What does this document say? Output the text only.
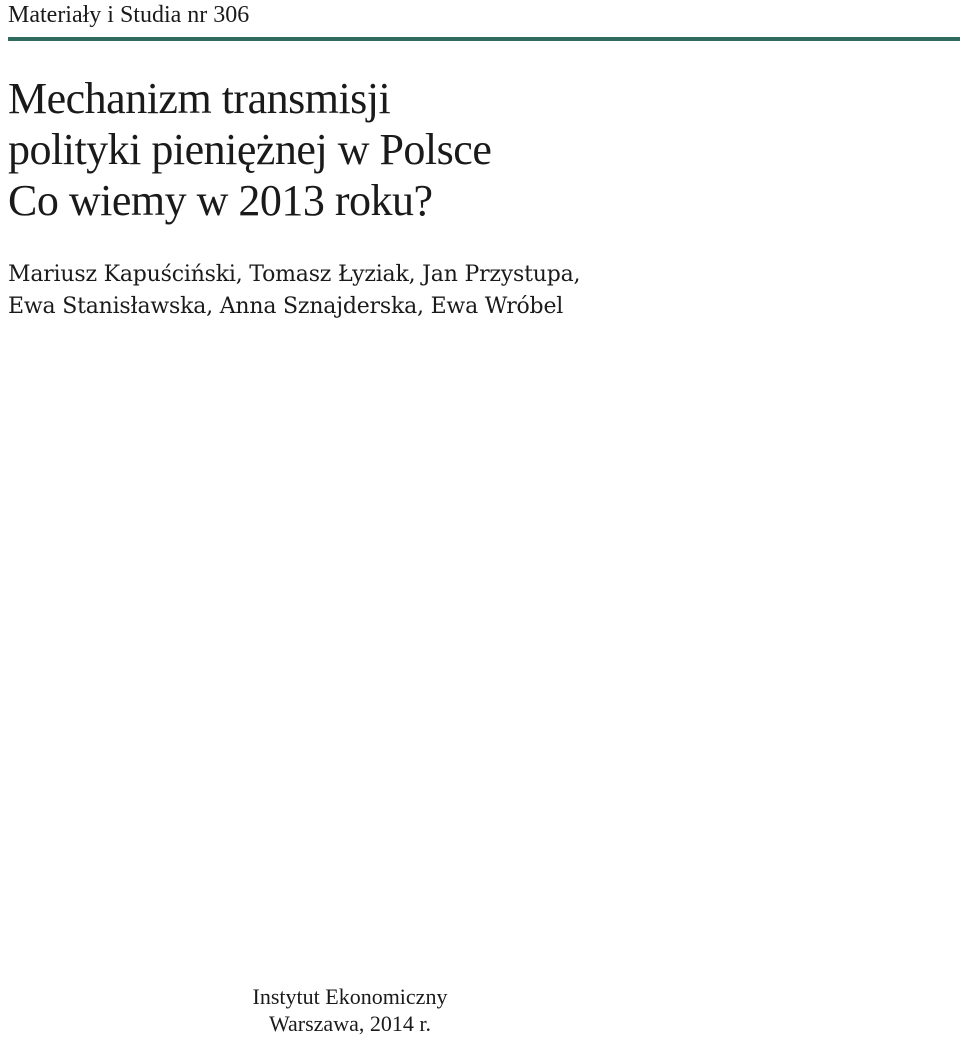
Materiały i Studia nr 306
Mechanizm transmisji
polityki pieniężnej w Polsce
Co wiemy w 2013 roku?
Mariusz Kapuściński, Tomasz Łyziak, Jan Przystupa,
Ewa Stanisławska, Anna Sznajderska, Ewa Wróbel
Instytut Ekonomiczny
Warszawa, 2014 r.
